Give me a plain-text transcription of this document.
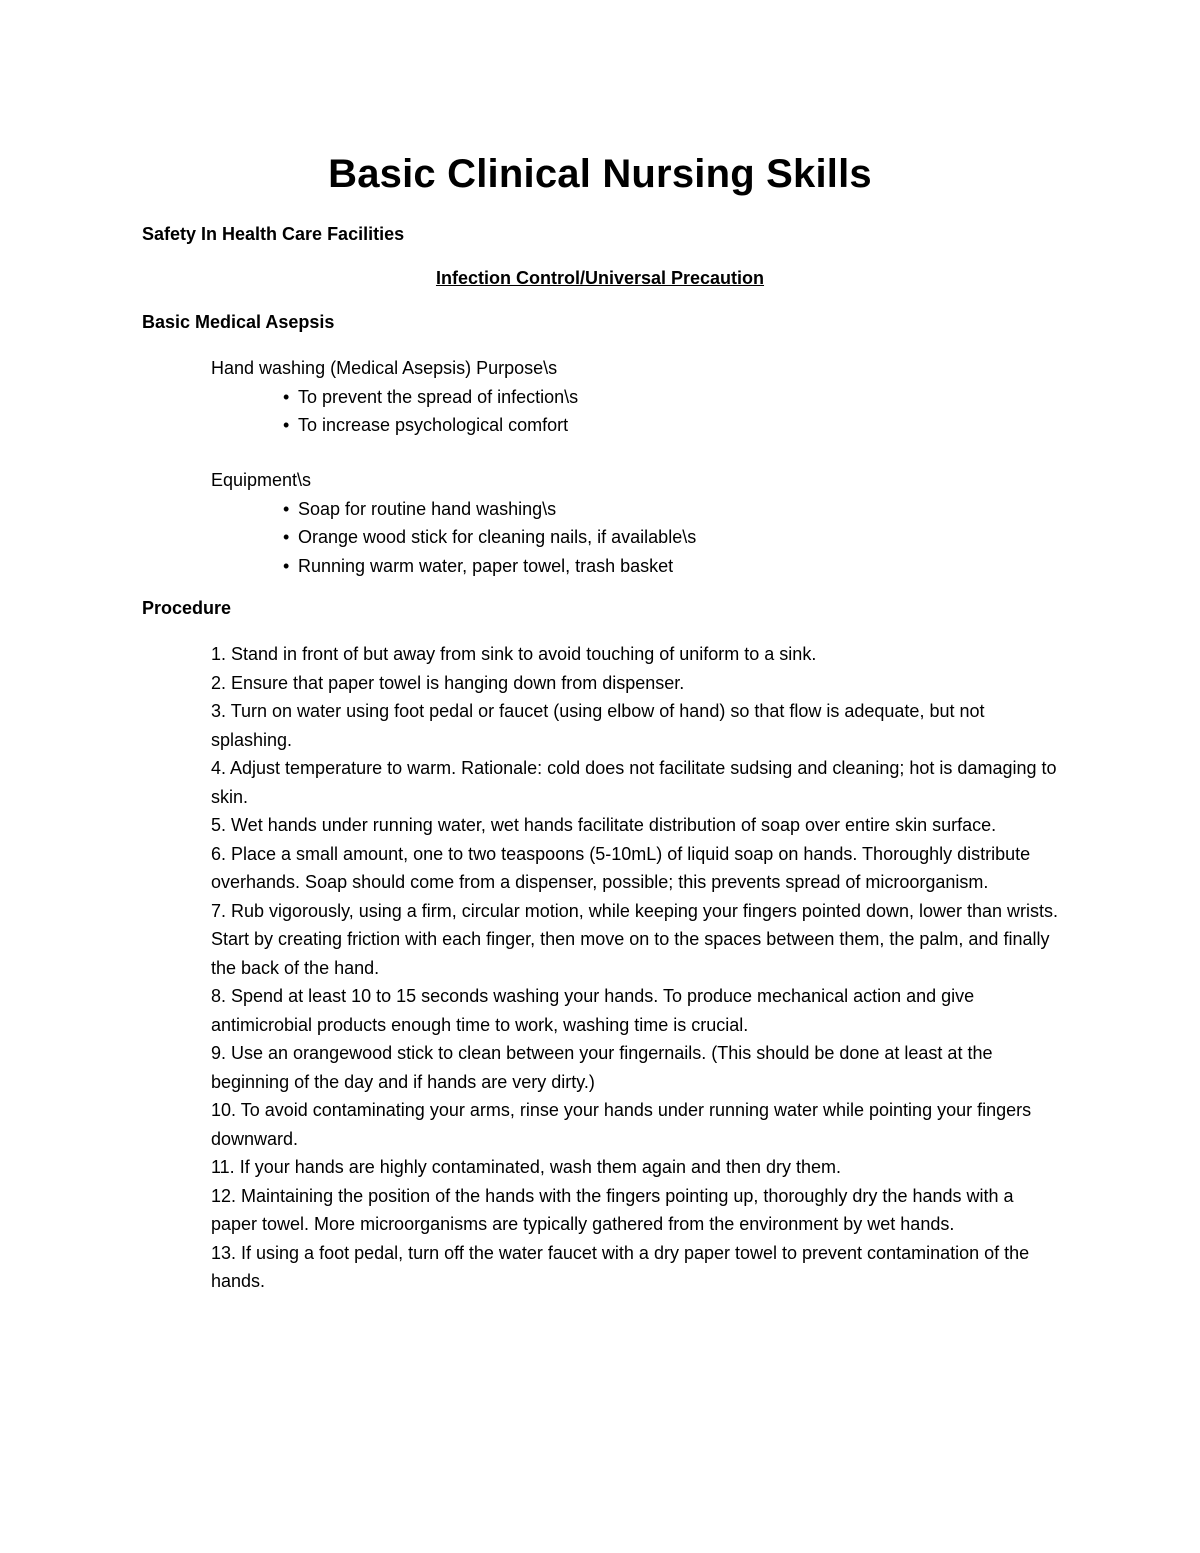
Basic Clinical Nursing Skills
Safety In Health Care Facilities
Infection Control/Universal Precaution
Basic Medical Asepsis
Hand washing (Medical Asepsis) Purpose\s
• To prevent the spread of infection\s
• To increase psychological comfort
Equipment\s
• Soap for routine hand washing\s
• Orange wood stick for cleaning nails, if available\s
• Running warm water, paper towel, trash basket
Procedure
1. Stand in front of but away from sink to avoid touching of uniform to a sink.
2. Ensure that paper towel is hanging down from dispenser.
3. Turn on water using foot pedal or faucet (using elbow of hand) so that flow is adequate, but not splashing.
4. Adjust temperature to warm. Rationale: cold does not facilitate sudsing and cleaning; hot is damaging to skin.
5. Wet hands under running water, wet hands facilitate distribution of soap over entire skin surface.
6. Place a small amount, one to two teaspoons (5-10mL) of liquid soap on hands. Thoroughly distribute overhands. Soap should come from a dispenser, possible; this prevents spread of microorganism.
7. Rub vigorously, using a firm, circular motion, while keeping your fingers pointed down, lower than wrists. Start by creating friction with each finger, then move on to the spaces between them, the palm, and finally the back of the hand.
8. Spend at least 10 to 15 seconds washing your hands. To produce mechanical action and give antimicrobial products enough time to work, washing time is crucial.
9. Use an orangewood stick to clean between your fingernails. (This should be done at least at the beginning of the day and if hands are very dirty.)
10. To avoid contaminating your arms, rinse your hands under running water while pointing your fingers downward.
11. If your hands are highly contaminated, wash them again and then dry them.
12. Maintaining the position of the hands with the fingers pointing up, thoroughly dry the hands with a paper towel. More microorganisms are typically gathered from the environment by wet hands.
13. If using a foot pedal, turn off the water faucet with a dry paper towel to prevent contamination of the hands.
